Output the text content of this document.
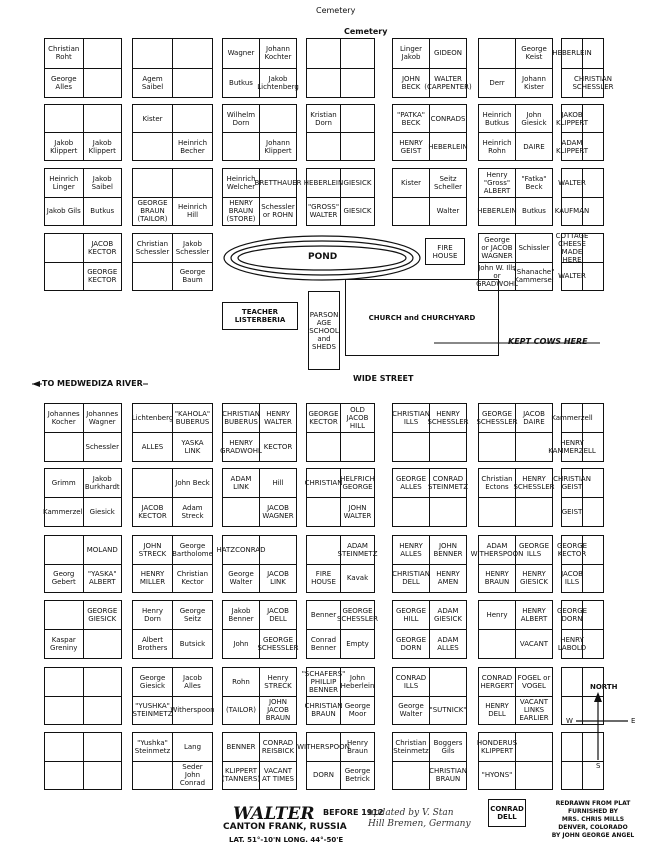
Cemetery
Cemetery
Christian Roht
George Alles
Agem Saibel
Wagner	Johann Kochter
Butkus	Jakob Lichtenberg
Linger Jakob	GIDEON
JOHN BECK
WALTER (CARPENTER)
George Keist
Derr	Johann Kister
HEBERLEIN
CHRISTIAN SCHESSLER
Jakob Klippert
Jakob Klippert
Kister
Heinrich Becher
Wilhelm Dorn
Johann Klippert
Kristian Dorn
"PATKA" BECK	CONRADS
HENRY GEIST HEBERLEIN
Heinrich Butkus
John Giesick
Heinrich Rohn	DAIRE
JAKOB KLIPPERT
ADAM KLIPPERT
Heinrich Linger
Jakob Saibel
Jakob Gils Butkus
GEORGE BRAUN (TAILOR)
Heinrich Hill
Heinrich Welcher BRETTHAUER
HENRY BRAUN (STORE)
Schessler or ROHN
HEBERLEIN GIESICK
"GROSS" WALTER GIESICK
Kister	Seitz Scheller
Walter
Henry "Gross" ALBERT
"Fatka" Beck
HEBERLEIN Butkus
WALTER
KAUFMAN
JACOB KECTOR
GEORGE KECTOR
Christian Schessler
Jakob Schessler
George Baum
George or JACOB WAGNER
Schissler
John W. Ills or GRADWOHL
"Shanache" Kammersel
COTTAGE CHEESE MADE HERE
WALTER
Johannes Kocher
Johannes Wagner
Schessler
Lichtenberg "KAHOLA" BUBERUS
ALLES	YASKA LINK
CHRISTIAN BUBERUS
HENRY WALTER
HENRY GRADWOHL KECTOR
GEORGE KECTOR
OLD JACOB HILL
CHRISTIAN ILLS
HENRY SCHESSLER
GEORGE SCHESSLER
JACOB DAIRE Kammerzell
HENRY KAMMERZELL
Grimm	Jakob Burkhardt
Kammerzell Giesick
John Beck
JACOB KECTOR
Adam Streck
ADAM LINK	Hill
JACOB WAGNER
CHRISTIAN
HELFRICH GEORGE
JOHN WALTER
GEORGE ALLES
CONRAD STEINMETZ
Christian Ectons
HENRY SCHESSLER
CHRISTIAN GEIST
GEIST
MOLAND
Georg Gebert
"YASKA" ALBERT
JOHN STRECK
George Bartholome
HENRY MILLER
Christian Kector
HATZCONRAD
George Walter
JACOB LINK
ADAM STEINMETZ
FIRE HOUSE	Kavak
HENRY ALLES
JOHN BENNER
CHRISTIAN DELL
HENRY AMEN
ADAM WITHERSPOON
GEORGE ILLS
HENRY BRAUN
HENRY GIESICK
GEORGE KECTOR
JACOB ILLS
GEORGE GIESICK
Kaspar Greniny
Henry Dorn
George Seitz
Albert Brothers	Butsick
Jakob Benner
JACOB DELL
John	GEORGE SCHESSLER
Benner GEORGE SCHESSLER
Conrad Benner	Empty
GEORGE HILL
ADAM GIESICK
GEORGE DORN
ADAM ALLES
Henry	HENRY ALBERT
VACANT
GEORGE DORN
HENRY LABOLD
George Giesick
Jacob Alles
"YUSHKA" STEINMETZ
Witherspoon
Rohn	Henry STRECK
(TAILOR)
JOHN JACOB BRAUN
"SCHAFERS" PHILLIP BENNER
John Heberlein
CHRISTIAN BRAUN
George Moor
CONRAD ILLS
George Walter	"SUTNICK"
CONRAD HERGERT
FOGEL or VOGEL
HENRY DELL
VACANT LINKS EARLIER
"Yushka" Steinmetz Lang
Seder John Conrad
BENNER CONRAD REISBICK
KLIPPERT (TANNERS)
VACANT AT TIMES
WITHERSPOON
Henry Braun
DORN	George Betrick
Christian Steinmetz
Boggers Gils
CHRISTIAN BRAUN
HONDERUS KLIPPERT
"HYONS"
POND
KEPT COWS HERE
TO MEDWEDIZA RIVER
WIDE STREET
TEACHER LISTERBERIA
PARSON AGE SCHOOL and SHEDS
CHURCH and CHURCHYARD
FIRE HOUSE
CONRAD DELL
NORTH
S
W	E
WALTER BEFORE 1912
CANTON FRANK, RUSSIA
LAT. 51°-10'N LONG. 44°-50'E
updated by V. Stan Hill Bremen, Germany
REDRAWN FROM PLAT
FURNISHED BY
MRS. CHRIS MILLS
DENVER, COLORADO
BY JOHN GEORGE ANGEL
